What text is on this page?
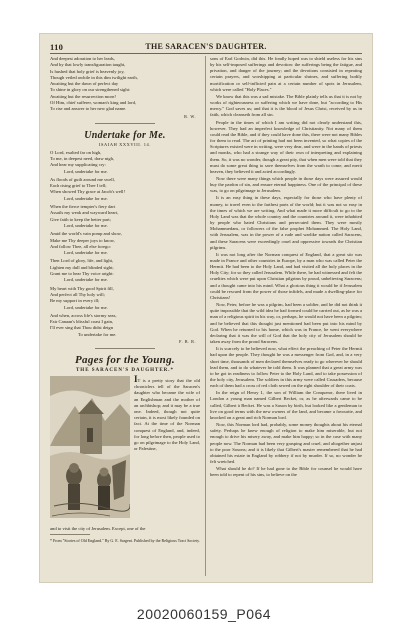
110	THE SARACEN'S DAUGHTER.
And deepest adoration to her leads,
And by that lowly transfiguration taught,
Is hushed that holy grief is heavenly joy,
Though veiled awhile in this dim twilight earth,
Awaiting but the dawn of perfect day
To shine in glory on our strengthened sight:
Awaiting but the resurrection morn!
Of Him, chief sufferer, woman's king and lord,
To rise and answer to her new glad name.
R. W.
Undertake for Me.
ISAIAH XXXVIII. 14.
O Lord, exalted far on high,
To me, in deepest need, draw nigh,
And hear my supplicating cry:
Lord, undertake for me.
As floods of guilt around me swell,
Each rising grief to Thee I tell;
When showed Thy grace at Jacob's well!
Lord, undertake for me.
When the fierce tempter's fiery dart
Assails my weak and wayward heart,
Give faith to keep the better part;
Lord, undertake for me.
Amid the world's vain pomp and show,
Make me Thy deeper joys to know,
And follow Thee, all else forego:
Lord, undertake for me.
Then Lord of glory, life, and light,
Lighten my dull and blinded sight;
Grant me to hear Thy voice aright:
Lord, undertake for me.
My heart with Thy good Spirit fill,
And perfect all Thy holy will;
Be my support in every ill;
Lord, undertake for me.
And when, across life's stormy seas,
Fair Canaan's blissful coast I gain,
I'll ever sing that Thou didst deign
To undertake for me.
F. B. R.
Pages for the Young.
THE SARACEN'S DAUGHTER.*
IT is a pretty story that the old chroniclers tell of the Saracen's daughter who became the wife of an Englishman and the mother of an archbishop; and it may be a true one. Indeed, though not quite certain, it is most likely founded on fact. At the time of the Norman conquest of England, and, indeed, for long before then, people used to go on pilgrimage to the Holy Land, or Palestine,

and to visit the city of Jerusalem. Except, one of the

sons of Earl Godwin, did this. He fondly hoped was to shield useless for his sins by his self-imposed sufferings and devotion: the sufferings being the fatigue, and privation, and danger of the journey; and the devotions consisted in repeating certain prayers, and worshipping at particular shrines, and suffering bodily mortification or self-inflicted pain at a certain number of spots in Jerusalem, which were called "Holy Places."

We know that this was a sad mistake. The Bible plainly tells us that it is not by works of righteousness or suffering which we have done, but "according to His mercy." God saves us; and that it is the blood of Jesus Christ, received by us in faith, which cleanseth from all sin.

People in the times of which I am writing did not clearly understand this, however. They had an imperfect knowledge of Christianity. Not many of them could read the Bible, and if they could have done this, there were not many Bibles for them to read. The art of printing had not been invented, so what copies of the Scriptures existed were in writing, were very dear, and were in the hands of priests and monks, who had a strange way of their own of interpreting and explaining them. So, it was no wonder, though a great pity, that when men were told that they must do some great thing to save themselves from the wrath to come, and merit heaven, they believed it and acted accordingly.

Now there were many things which people in those days were assured would buy the pardon of sin, and ensure eternal happiness. One of the principal of these was, to go on pilgrimage to Jerusalem.

It is an easy thing in these days, especially for those who have plenty of money, to travel even to the farthest parts of the world; but it was not so easy in the times of which we are writing. And what made it more difficult to go to the Holy Land was that the whole country and the countries around it, were inhabited by people who hated Christians and persecuted them. They were mostly Mohammedans, or followers of the false prophet Mohammed. The Holy Land, with Jerusalem, was in the power of a rude and warlike nation called Saracens, and these Saracens were exceedingly cruel and oppressive towards the Christian pilgrims.

It was not long after the Norman conquest of England, that a great stir was made in France and other countries in Europe, by a man who was called Peter the Hermit. He had been to the Holy Land, and had visited all the holy places in the Holy City; for so they called Jerusalem. While there, he had witnessed and felt the cruelties which were put upon Christian pilgrims by proud, unbelieving Saracens; and a thought came into his mind. What a glorious thing it would be if Jerusalem could be rescued from the power of those infidels, and made a dwelling-place for Christians!

Now, Peter, before he was a pilgrim, had been a soldier, and he did not think it quite impossible that the wild idea he had formed could be carried out, as he was a man of a religious spirit in his way, or, perhaps, he would not have been a pilgrim; and he believed that this thought just mentioned had been put into his mind by God. When he returned to his home, which was in France, he went everywhere declaring that it was the will of God that the holy city of Jerusalem should be taken away from the proud Saracens.

It is scarcely to be believed now, what effect the preaching of Peter the Hermit had upon the people. They thought he was a messenger from God, and, in a very short time, thousands of men declared themselves ready to go wherever he should lead them, and to do whatever he told them. It was planned that a great army was to be got in readiness to follow Peter to the Holy Land, and to take possession of the holy city, Jerusalem. The soldiers in this army were called Crusaders, because each of them had a cross of red cloth sewed on the right shoulder of their coats.

In the reign of Henry I., the son of William the Conqueror, there lived in London a young man named Gilbert Becket, or, as he afterwards came to be called, Gilbert à Becket. He was a Saxon by birth, but looked like a gentleman to live on good terms with the new owners of the land, and became a favourite, and knocked on a great and rich Norman lord.

Now, this Norman lord had, probably, some money thoughts about his eternal safety. Perhaps he knew enough of religion to make him miserable, but not enough to drive his misery away, and make him happy; so in the case with many people now. The Norman had been very grasping and cruel, and altogether unjust to the poor Saxons; and it is likely that Gilbert's master remembered that he had obtained his estate in England by robbery if not by murder. If so, no wonder he felt wretched.

What should he do? If he had gone to the Bible for counsel he would have been told to repent of his sins, to believe on the

* From "Stories of Old England." By G. E. Sargent. Published by the Religious Tract Society.
20020060159_P064
